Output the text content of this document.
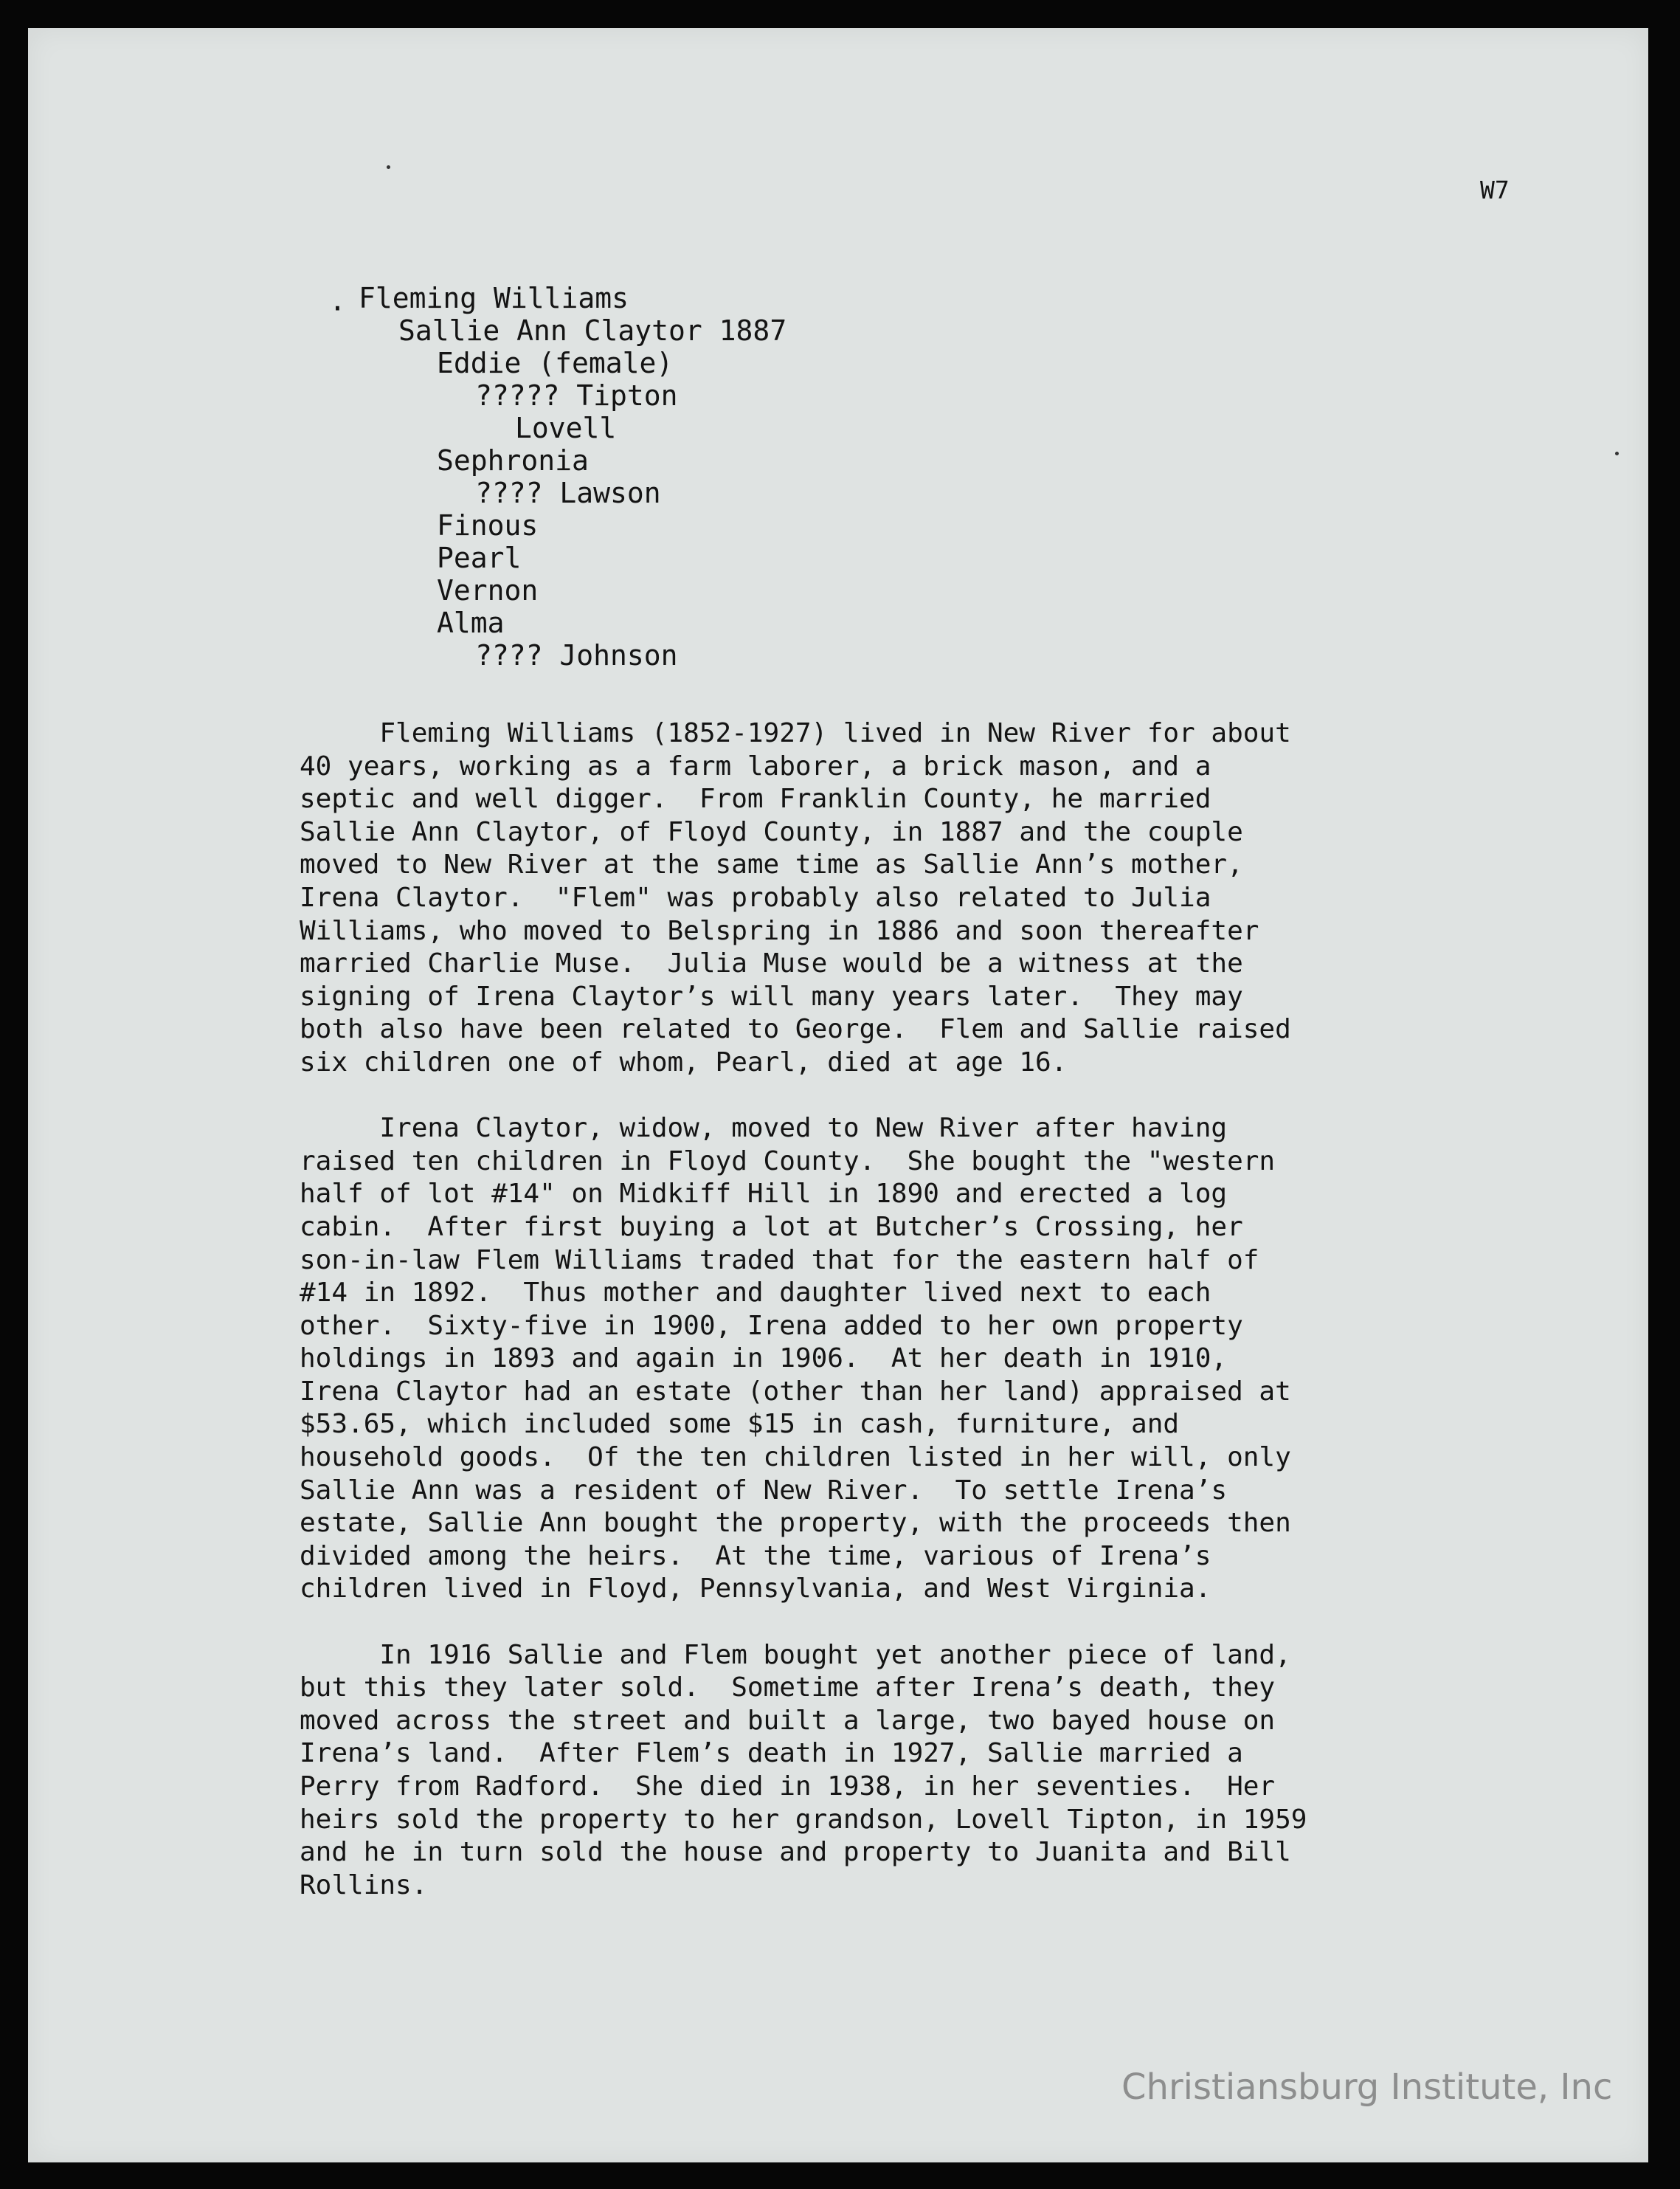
W7
· Fleming Williams
Sallie Ann Claytor 1887
Eddie (female)
????? Tipton
Lovell
Sephronia
???? Lawson
Finous
Pearl
Vernon
Alma
???? Johnson
Fleming Williams (1852-1927) lived in New River for about
40 years, working as a farm laborer, a brick mason, and a
septic and well digger.  From Franklin County, he married
Sallie Ann Claytor, of Floyd County, in 1887 and the couple
moved to New River at the same time as Sallie Ann’s mother,
Irena Claytor.  "Flem" was probably also related to Julia
Williams, who moved to Belspring in 1886 and soon thereafter
married Charlie Muse.  Julia Muse would be a witness at the
signing of Irena Claytor’s will many years later.  They may
both also have been related to George.  Flem and Sallie raised
six children one of whom, Pearl, died at age 16.
Irena Claytor, widow, moved to New River after having
raised ten children in Floyd County.  She bought the "western
half of lot #14" on Midkiff Hill in 1890 and erected a log
cabin.  After first buying a lot at Butcher’s Crossing, her
son-in-law Flem Williams traded that for the eastern half of
#14 in 1892.  Thus mother and daughter lived next to each
other.  Sixty-five in 1900, Irena added to her own property
holdings in 1893 and again in 1906.  At her death in 1910,
Irena Claytor had an estate (other than her land) appraised at
$53.65, which included some $15 in cash, furniture, and
household goods.  Of the ten children listed in her will, only
Sallie Ann was a resident of New River.  To settle Irena’s
estate, Sallie Ann bought the property, with the proceeds then
divided among the heirs.  At the time, various of Irena’s
children lived in Floyd, Pennsylvania, and West Virginia.
In 1916 Sallie and Flem bought yet another piece of land,
but this they later sold.  Sometime after Irena’s death, they
moved across the street and built a large, two bayed house on
Irena’s land.  After Flem’s death in 1927, Sallie married a
Perry from Radford.  She died in 1938, in her seventies.  Her
heirs sold the property to her grandson, Lovell Tipton, in 1959
and he in turn sold the house and property to Juanita and Bill
Rollins.
Christiansburg Institute, Inc
